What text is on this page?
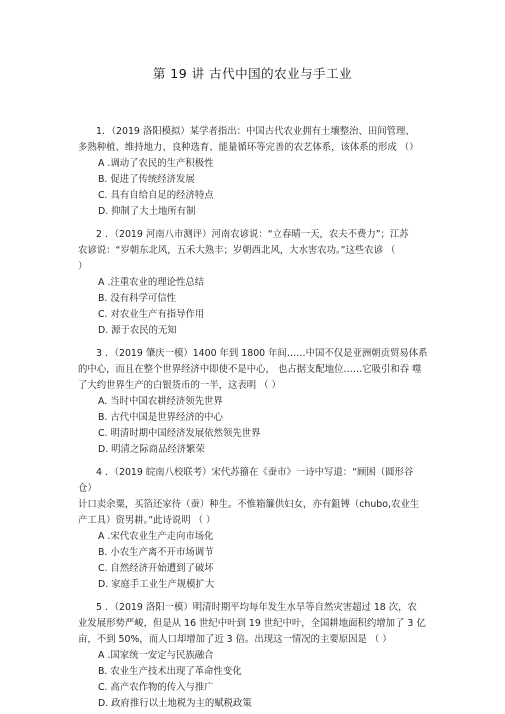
第 19 讲 古代中国的农业与手工业
1．（2019 洛阳模拟）某学者指出：中国古代农业拥有土壤整治、田间管理、
多熟种植、维持地力、良种选育、能量循环等完善的农艺体系，该体系的形成 （）
A .调动了农民的生产积极性
B. 促进了传统经济发展
C. 具有自给自足的经济特点
D. 抑制了大土地所有制
2 ．（2019 河南八市测评）河南农谚说：“立春晴一天，农夫不费力”；江苏
农谚说：“岁朝东北风，五禾大熟丰；岁朝西北风，大水害农功。”这些农谚 （
）
A .注重农业的理论性总结
B. 没有科学可信性
C. 对农业生产有指导作用
D. 源于农民的无知
3 ．（2019 肇庆一模）1400 年到 1800 年间……中国不仅是亚洲朝贡贸易体系
的中心，而且在整个世界经济中即使不是中心， 也占据支配地位……它吸引和吞 噬
了大约世界生产的白银货币的一半，这表明 （ ）
A. 当时中国农耕经济领先世界
B. 古代中国是世界经济的中心
C. 明清时期中国经济发展依然领先世界
D. 明清之际商品经济繁荣
4 ．（2019 皖南八校联考）宋代苏籀在《蚕市》一诗中写道：“顾困（圆形谷
仓）
计口卖余粟，买箔还家待（蚕）种生。不惟箱簾供妇女，亦有鉏镈（chubo,农业生
产工具）资男耕。”此诗说明 （ ）
A .宋代农业生产走向市场化
B. 小农生产离不开市场调节
C. 自然经济开始遭到了破坏
D. 家庭手工业生产规模扩大
5 ．（2019 洛阳一模）明清时期平均每年发生水旱等自然灾害超过 18 次，农
业发展形势严峻，但是从 16 世纪中叶到 19 世纪中叶，全国耕地面积约增加了 3 亿
亩，不到 50%，而人口却增加了近 3 倍。出现这一情况的主要原因是 （ ）
A .国家统一安定与民族融合
B. 农业生产技术出现了革命性变化
C. 高产农作物的传入与推广
D. 政府推行以土地税为主的赋税政策
